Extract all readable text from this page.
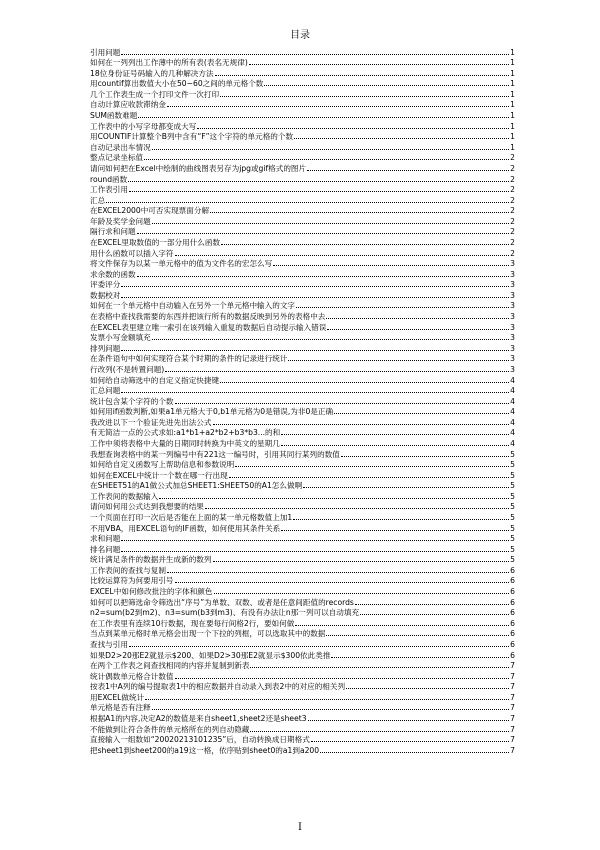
目录
引用问题	1
如何在一列列出工作薄中的所有表(表名无规律)	1
18位身份证号码输入的几种解决方法	1
用countif算出数值大小在50~60之间的单元格个数	1
几个工作表生成一个打印文件一次打印	1
自动计算应收款滞纳金	1
SUM函数难题	1
工作表中的小写字母都变成大写	1
用COUNTIF计算整个B列中含有“F”这个字符的单元格的个数	1
自动记录出车情况	1
整点记录坐标值	2
请问如何把在Excel中绘制的曲线图表另存为jpg或gif格式的图片	2
round函数	2
工作表引用	2
汇总	2
在EXCEL2000中可否实现票面分解	2
年龄及奖学金问题	2
隔行求和问题	2
在EXCEL里取数值的一部分用什么函数	2
用什么函数可以插入字符	2
将文件保存为以某一单元格中的值为文件名的宏怎么写	3
求余数的函数	3
评委评分	3
数据校对	3
如何在一个单元格中自动输入在另外一个单元格中输入的文字	3
在表格中查找我需要的东西并把该行所有的数据反映到另外的表格中去	3
在EXCEL表里建立唯一索引在该列输入重复的数据后自动提示输入错误	3
发票小写金额填充	3
排列问题	3
在条件语句中如何实现符合某个时期的条件的记录进行统计	3
行改列(不是转置问题)	3
如何给自动筛选中的自定义指定快捷键	4
汇总问题	4
统计包含某个字符的个数	4
如何用if函数判断,如果a1单元格大于0,b1单元格为0是错误,为非0是正确	4
我改进以下一个验证先进先出法公式	4
有无简洁一点的公式求如:a1*b1+a2*b2+b3*b3...的和	4
工作中须将表格中大量的日期同时转换为中英文的星期几	4
我想查询表格中的某一列编号中有221这一编号时，引用其同行某列的数值	5
如何给自定义函数写上帮助信息和参数说明	5
如何在EXCEL中统计一个数在哪一行出现	5
在SHEET51的A1做公式加总SHEET1:SHEET50的A1怎么做啊	5
工作表间的数据输入	5
请问如何用公式达到我想要的结果	5
一个页面在打印一次后是否能在上面的某一单元格数值上加1	5
不用VBA，用EXCEL语句的IF函数，如何使用其条件关系	5
求和问题	5
排名问题	5
统计满足条件的数据并生成新的数列	5
工作表间的查找与复制	6
比较运算符为何要用引号	6
EXCEL中如何修改批注的字体和颜色	6
如何可以把筛选命令筛选出“序号”为单数、双数、或者是任意间距值的records	6
n2=sum(b2到m2)、n3=sum(b3到m3)、有没有办法让n那一列可以自动填充	6
在工作表里有连续10行数据，现在要每行间格2行，要如何做	6
当点到某单元格时单元格会出现一个下拉的列框，可以选取其中的数据	6
查找与引用	6
如果D2>20那E2就显示$200、如果D2>30那E2就显示$300依此类推	6
在两个工作表之间查找相同的内容并复制到新表	7
统计偶数单元格合计数值	7
按表1中A列的编号提取表1中的相应数据并自动录入到表2中的对应的相关列	7
用EXCEL做统计	7
单元格是否有注释	7
根据A1的内容,决定A2的数值是来自sheet1,sheet2还是sheet3	7
不能做到让符合条件的单元格所在的列自动隐藏	7
直接输入一组数如“20020213101235”后，自动转换成日期格式	7
把sheet1到sheet200的a19这一格，依序贴到sheet0的a1到a200	7
I
